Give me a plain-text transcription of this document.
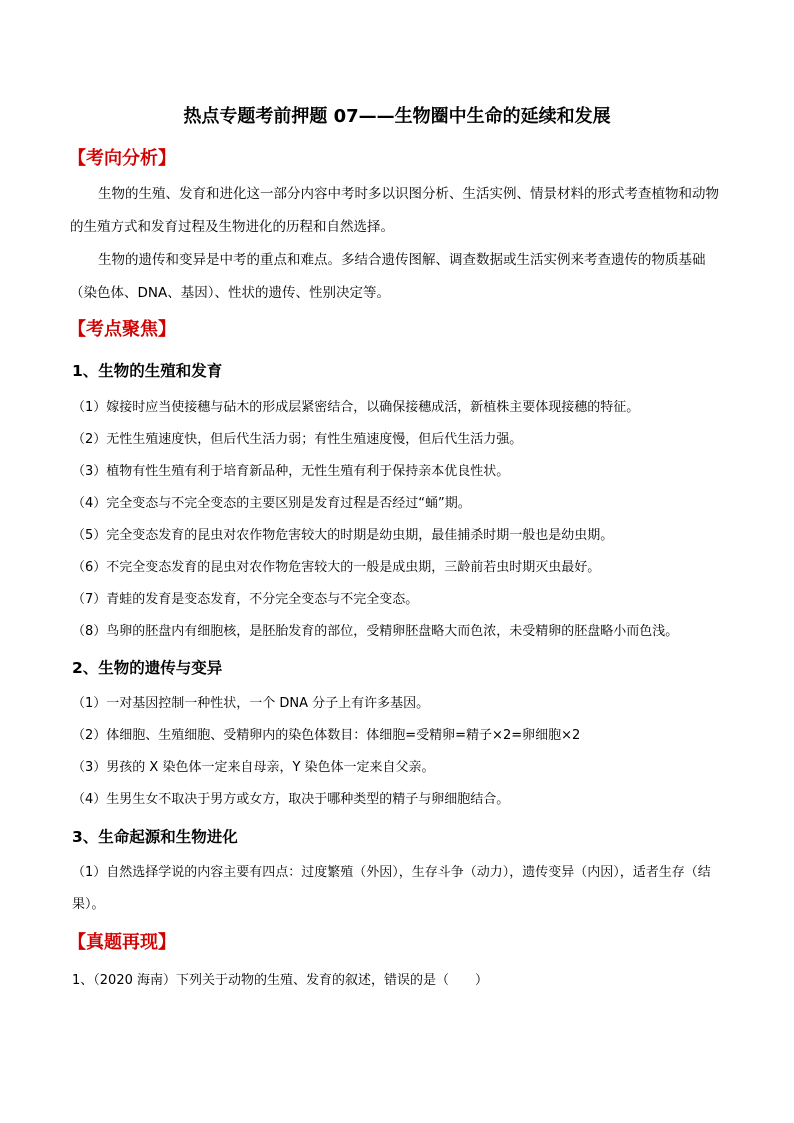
热点专题考前押题 07——生物圈中生命的延续和发展
【考向分析】

生物的生殖、发育和进化这一部分内容中考时多以识图分析、生活实例、情景材料的形式考查植物和动物的生殖方式和发育过程及生物进化的历程和自然选择。

生物的遗传和变异是中考的重点和难点。多结合遗传图解、调查数据或生活实例来考查遗传的物质基础（染色体、DNA、基因）、性状的遗传、性别决定等。

【考点聚焦】
1、生物的生殖和发育

（1）嫁接时应当使接穗与砧木的形成层紧密结合，以确保接穗成活，新植株主要体现接穗的特征。

（2）无性生殖速度快，但后代生活力弱；有性生殖速度慢，但后代生活力强。

（3）植物有性生殖有利于培育新品种，无性生殖有利于保持亲本优良性状。

（4）完全变态与不完全变态的主要区别是发育过程是否经过“蛹”期。

（5）完全变态发育的昆虫对农作物危害较大的时期是幼虫期，最佳捕杀时期一般也是幼虫期。

（6）不完全变态发育的昆虫对农作物危害较大的一般是成虫期，三龄前若虫时期灭虫最好。

（7）青蛙的发育是变态发育，不分完全变态与不完全变态。

（8）鸟卵的胚盘内有细胞核，是胚胎发育的部位，受精卵胚盘略大而色浓，未受精卵的胚盘略小而色浅。

2、生物的遗传与变异

（1）一对基因控制一种性状，一个 DNA 分子上有许多基因。

（2）体细胞、生殖细胞、受精卵内的染色体数目：体细胞=受精卵=精子×2=卵细胞×2

（3）男孩的 X 染色体一定来自母亲，Y 染色体一定来自父亲。

（4）生男生女不取决于男方或女方，取决于哪种类型的精子与卵细胞结合。

3、生命起源和生物进化

（1）自然选择学说的内容主要有四点：过度繁殖（外因），生存斗争（动力），遗传变异（内因），适者生存（结果）。

【真题再现】
1、（2020 海南）下列关于动物的生殖、发育的叙述，错误的是（　　）
